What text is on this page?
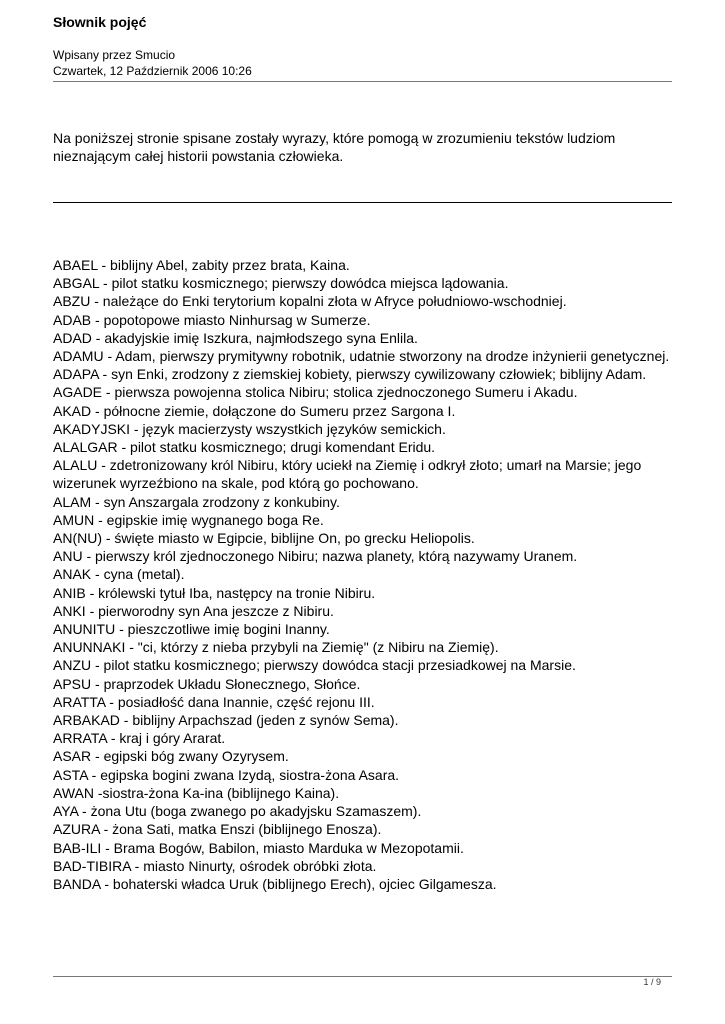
Słownik pojęć
Wpisany przez Smucio
Czwartek, 12 Październik 2006 10:26
Na poniższej stronie spisane zostały wyrazy, które pomogą w zrozumieniu tekstów ludziom nieznającym całej historii powstania człowieka.

ABAEL - biblijny Abel, zabity przez brata, Kaina.

ABGAL - pilot statku kosmicznego; pierwszy dowódca miejsca lądowania.

ABZU - należące do Enki terytorium kopalni złota w Afryce południowo-wschodniej.

ADAB - popotopowe miasto Ninhursag w Sumerze.

ADAD - akadyjskie imię Iszkura, najmłodszego syna Enlila.

ADAMU - Adam, pierwszy prymitywny robotnik, udatnie stworzony na drodze inżynierii genetycznej.

ADAPA - syn Enki, zrodzony z ziemskiej kobiety, pierwszy cywilizowany człowiek; biblijny Adam.

AGADE - pierwsza powojenna stolica Nibiru; stolica zjednoczonego Sumeru i Akadu.

AKAD - północne ziemie, dołączone do Sumeru przez Sargona I.

AKADYJSKI - język macierzysty wszystkich języków semickich.

ALALGAR - pilot statku kosmicznego; drugi komendant Eridu.

ALALU - zdetronizowany król Nibiru, który uciekł na Ziemię i odkrył złoto; umarł na Marsie; jego wizerunek wyrzeźbiono na skale, pod którą go pochowano.

ALAM - syn Anszargala zrodzony z konkubiny.

AMUN - egipskie imię wygnanego boga Re.

AN(NU) - święte miasto w Egipcie, biblijne On, po grecku Heliopolis.

ANU - pierwszy król zjednoczonego Nibiru; nazwa planety, którą nazywamy Uranem.

ANAK - cyna (metal).

ANIB - królewski tytuł Iba, następcy na tronie Nibiru.

ANKI - pierworodny syn Ana jeszcze z Nibiru.

ANUNITU - pieszczotliwe imię bogini Inanny.

ANUNNAKI - "ci, którzy z nieba przybyli na Ziemię" (z Nibiru na Ziemię).

ANZU - pilot statku kosmicznego; pierwszy dowódca stacji przesiadkowej na Marsie.

APSU - praprzodek Układu Słonecznego, Słońce.

ARATTA - posiadłość dana Inannie, część rejonu III.

ARBAKAD - biblijny Arpachszad (jeden z synów Sema).

ARRATA - kraj i góry Ararat.

ASAR - egipski bóg zwany Ozyrysem.

ASTA - egipska bogini zwana Izydą, siostra-żona Asara.

AWAN -siostra-żona Ka-ina (biblijnego Kaina).

AYA - żona Utu (boga zwanego po akadyjsku Szamaszem).

AZURA - żona Sati, matka Enszi (biblijnego Enosza).

BAB-ILI - Brama Bogów, Babilon, miasto Marduka w Mezopotamii.

BAD-TIBIRA - miasto Ninurty, ośrodek obróbki złota.

BANDA - bohaterski władca Uruk (biblijnego Erech), ojciec Gilgamesza.

1 / 9
